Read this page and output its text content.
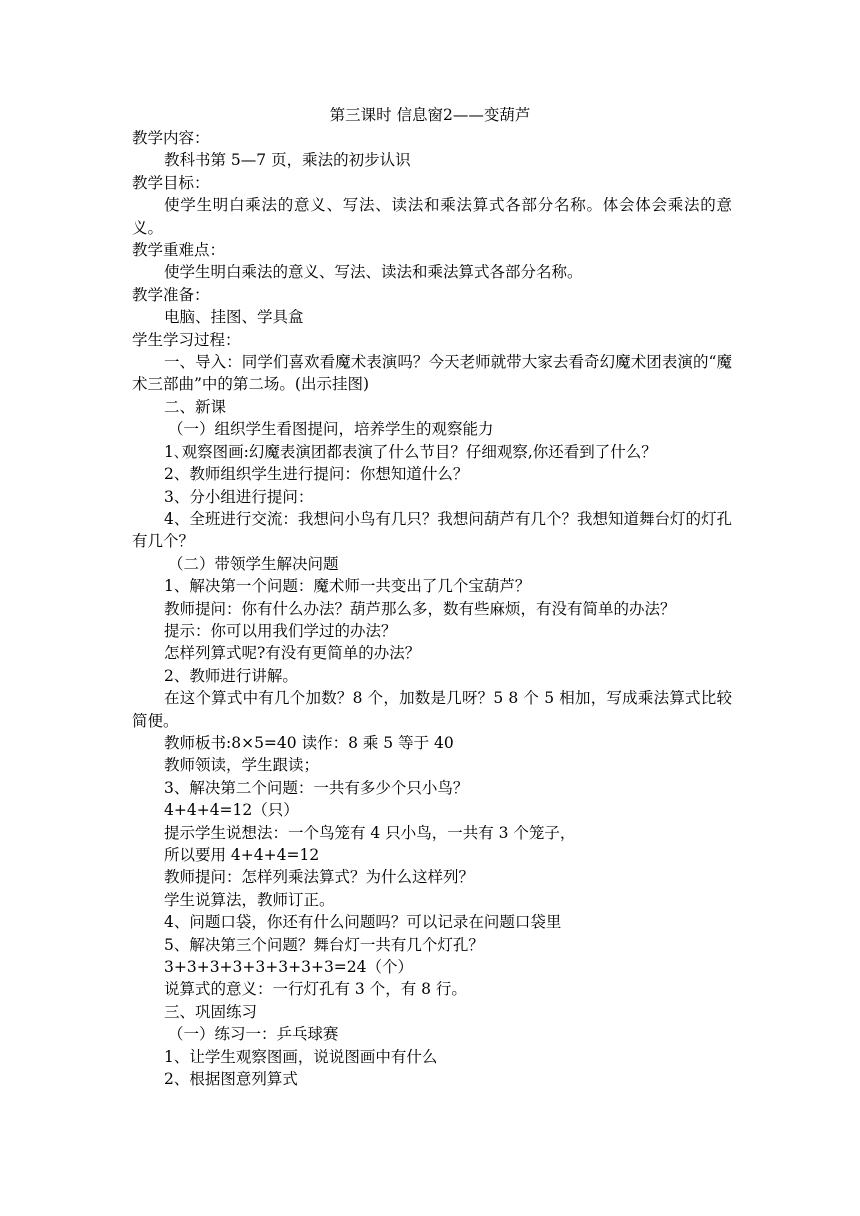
第三课时 信息窗2——变葫芦

教学内容：

教科书第 5—7 页，乘法的初步认识

教学目标：

使学生明白乘法的意义、写法、读法和乘法算式各部分名称。体会体会乘法的意义。

教学重难点：

使学生明白乘法的意义、写法、读法和乘法算式各部分名称。

教学准备：

电脑、挂图、学具盒

学生学习过程：

一、导入：同学们喜欢看魔术表演吗？今天老师就带大家去看奇幻魔术团表演的“魔术三部曲”中的第二场。(出示挂图)

二、新课

（一）组织学生看图提问，培养学生的观察能力

1､观察图画:幻魔表演团都表演了什么节目？仔细观察,你还看到了什么？

2、教师组织学生进行提问：你想知道什么？

3、分小组进行提问：

4、全班进行交流：我想问小鸟有几只？我想问葫芦有几个？我想知道舞台灯的灯孔有几个？

（二）带领学生解决问题

1、解决第一个问题：魔术师一共变出了几个宝葫芦？

教师提问：你有什么办法？葫芦那么多，数有些麻烦，有没有简单的办法？

提示：你可以用我们学过的办法？

怎样列算式呢?有没有更简单的办法？

2、教师进行讲解。

在这个算式中有几个加数？8 个，加数是几呀？5 8 个 5 相加，写成乘法算式比较简便。

教师板书:8×5=40 读作：8 乘 5 等于 40

教师领读，学生跟读；

3、解决第二个问题：一共有多少个只小鸟？

4+4+4=12（只）

提示学生说想法：一个鸟笼有 4 只小鸟，一共有 3 个笼子，

所以要用 4+4+4=12

教师提问：怎样列乘法算式？为什么这样列？

学生说算法，教师订正。

4、问题口袋，你还有什么问题吗？可以记录在问题口袋里

5、解决第三个问题？舞台灯一共有几个灯孔？

3+3+3+3+3+3+3+3=24（个）

说算式的意义：一行灯孔有 3 个，有 8 行。

三、巩固练习

（一）练习一：乒乓球赛

1、让学生观察图画，说说图画中有什么

2、根据图意列算式
